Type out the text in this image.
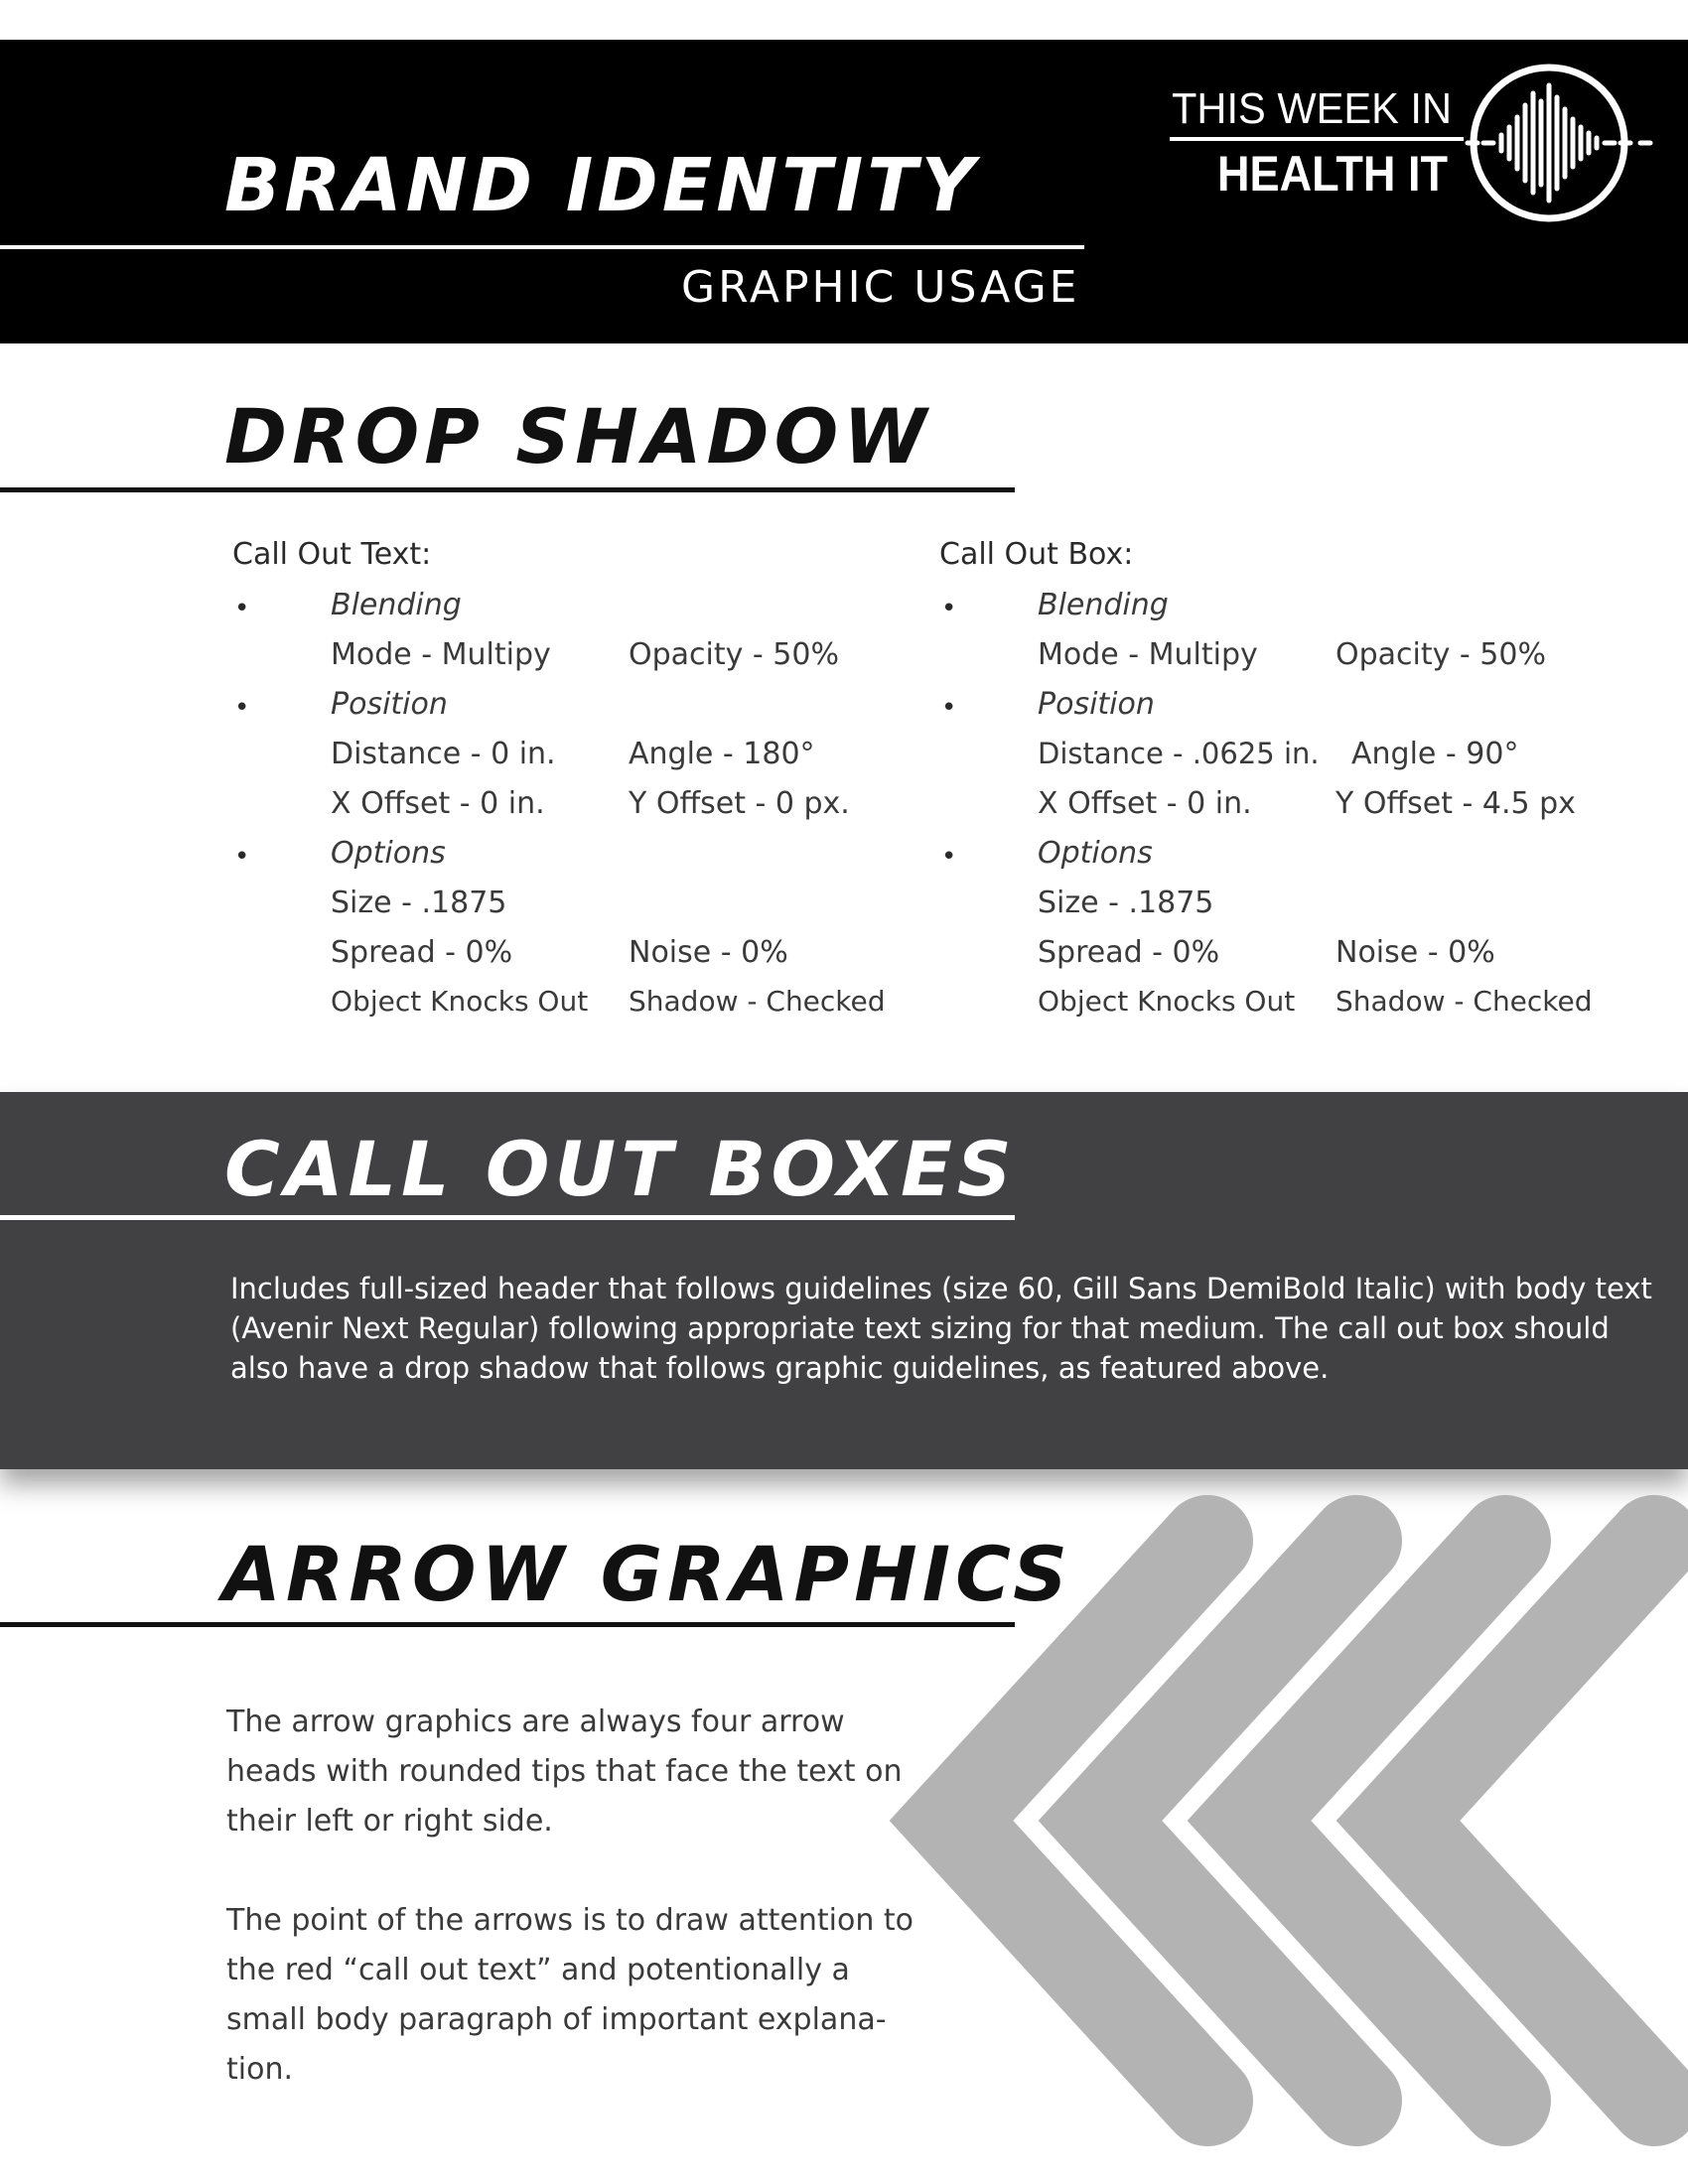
BRAND IDENTITY
GRAPHIC USAGE
THIS WEEK IN
HEALTH IT
DROP SHADOW
Call Out Text:
•	Blending
Mode - Multipy	Opacity - 50%
•	Position
Distance - 0 in. Angle - 180°
X Offset - 0 in.	Y Offset - 0 px.
•	Options
Size - .1875
Spread - 0%	Noise - 0%
Object Knocks Out Shadow - Checked
Call Out Box:
•	Blending
Mode - Multipy	Opacity - 50%
•	Position
Distance - .0625 in. Angle - 90°
X Offset - 0 in.	Y Offset - 4.5 px
•	Options
Size - .1875
Spread - 0%	Noise - 0%
Object Knocks Out Shadow - Checked
CALL OUT BOXES
Includes full-sized header that follows guidelines (size 60, Gill Sans DemiBold Italic) with body text (Avenir Next Regular) following appropriate text sizing for that medium. The call out box should also have a drop shadow that follows graphic guidelines, as featured above.
ARROW GRAPHICS
The arrow graphics are always four arrow heads with rounded tips that face the text on their left or right side.
The point of the arrows is to draw attention to the red “call out text” and potentionally a small body paragraph of important explana-tion.
